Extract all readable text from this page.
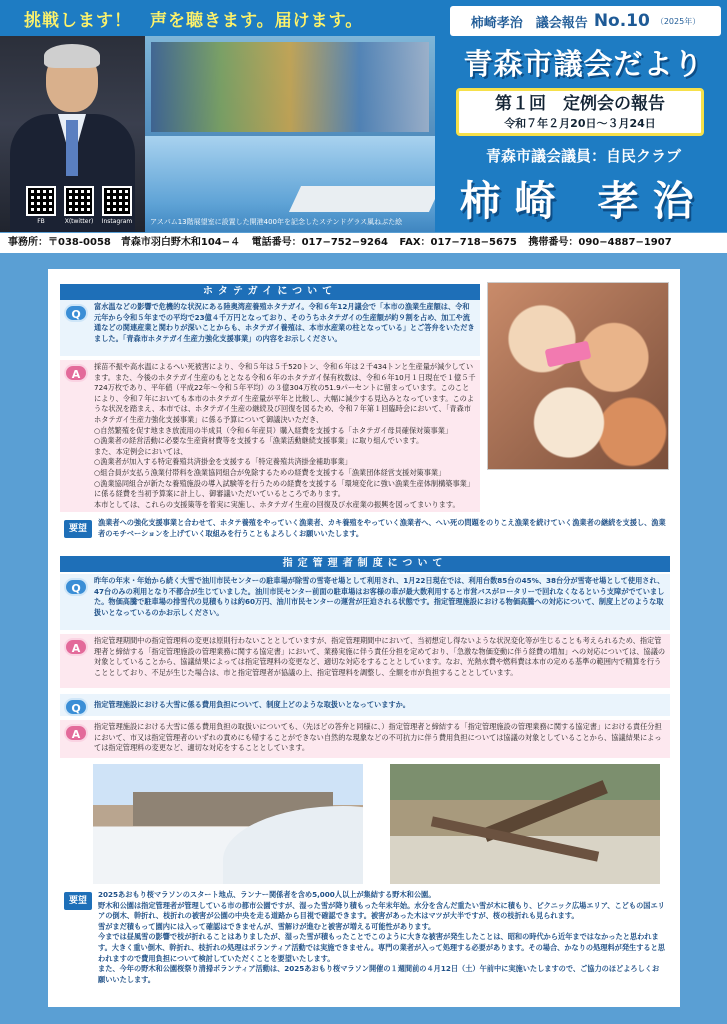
挑戦します！　声を聴きます。届けます。
FB	X(twitter)	Instagram	アスパム13階展望室に設置した開港400年を記念したステンドグラス風ねぶた絵
柿崎孝治　議会報告 No.10 （2025年）
青森市議会だより
第１回　定例会の報告
令和７年２月20日～３月24日
青森市議会議員：自民クラブ
柿崎 孝治
事務所：〒038-0058　青森市羽白野木和104−４ 電話番号：017−752−9264 FAX：017−718−5675 携帯番号：090−4887−1907
ホタテガイについて
Q
富水温などの影響で危機的な状況にある陸奥湾産養殖ホタテガイ。令和６年12月議会で「本市の漁業生産額は、令和元年から令和５年までの平均で23億４千万円となっており、そのうちホタテガイの生産額が約９割を占め、加工や流通などの関連産業と関わりが深いことからも、ホタテガイ養殖は、本市水産業の柱となっている」とご答弁をいただきました。「青森市ホタテガイ生産力強化支援事業」の内容をお示しください。
A

採苗不振や高水温によるへい死被害により、令和５年は５千520トン、令和６年は２千434トンと生産量が減少しています。また、今後のホタテガイ生産のもととなる令和６年のホタテガイ保有枚数は、令和６年10月１日現在で１億５千724万枚であり、平年値（平成22年〜令和５年平均）の３億304万枚の51.9パーセントに留まっています。このことにより、令和７年においても本市のホタテガイ生産量が平年と比較し、大幅に減少する見込みとなっています。このような状況を踏まえ、本市では、ホタテガイ生産の継続及び回復を図るため、令和７年第１回臨時会において、「青森市ホタテガイ生産力強化支援事業」に係る予算について御議決いただき、

○自然繁殖を促す地まき放流用の半成貝（令和６年産貝）購入経費を支援する「ホタテガイ母貝確保対策事業」

○漁業者の経営活動に必要な生産資材費等を支援する「漁業活動継続支援事業」に取り組んでいます。

また、本定例会においては、

○漁業者が加入する特定養殖共済掛金を支援する「特定養殖共済掛金補助事業」

○組合員が支払う漁業付帯料を漁業協同組合が免除するための経費を支援する「漁業団体経営支援対策事業」

○漁業協同組合が新たな養殖施設の導入試験等を行うための経費を支援する「環境変化に強い漁業生産体制構築事業」に係る経費を当初予算案に計上し、御審議いただいているところであります。

本市としては、これらの支援策等を着実に実施し、ホタテガイ生産の回復及び水産業の振興を図ってまいります。

要望
漁業者への強化支援事業と合わせて、ホタテ養殖をやっていく漁業者、カキ養殖をやっていく漁業者へ、へい死の問題をのりこえ漁業を続けていく漁業者の継続を支援し、漁業者のモチベーションを上げていく取組みを行うこともよろしくお願いいたします。
指定管理者制度について
Q
昨年の年末・年始から続く大雪で油川市民センターの駐車場が除雪の雪寄せ場として利用され、1月22日現在では、利用台数85台の45%、38台分が雪寄せ場として使用され、47台のみの利用となり不都合が生じていました。油川市民センター前面の駐車場はお客様の車が最大数利用すると市営バスがロータリーで回れなくなるという支障がでていました。物価高騰で駐車場の排雪代の見積もりは約60万円、油川市民センターの運営が圧迫される状態です。指定管理施設における物価高騰への対応について、制度上どのような取扱いとなっているのかお示しください。
A
指定管理期間中の指定管理料の変更は原則行わないこととしていますが、指定管理期間中において、当初想定し得ないような状況変化等が生じることも考えられるため、指定管理者と締結する「指定管理施設の管理業務に関する協定書」において、業務実施に伴う責任分担を定めており、「急激な物価変動に伴う経費の増加」への対応については、協議の対象としていることから、協議結果によっては指定管理料の変更など、適切な対応をすることとしています。なお、光熱水費や燃料費は本市の定める基準の範囲内で精算を行うこととしており、不足が生じた場合は、市と指定管理者が協議の上、指定管理料を調整し、全額を市が負担することとしています。
Q	指定管理施設における大雪に係る費用負担について、制度上どのような取扱いとなっていますか。
A
指定管理施設における大雪に係る費用負担の取扱いについても、（先ほどの答弁と同様に、）指定管理者と締結する「指定管理施設の管理業務に関する協定書」における責任分担において、市又は指定管理者のいずれの責めにも帰することができない自然的な現象などの不可抗力に伴う費用負担については協議の対象としていることから、協議結果によっては指定管理料の変更など、適切な対応をすることとしています。
要望

2025あおもり桜マラソンのスタート地点、ランナー関係者を含め5,000人以上が集結する野木和公園。

野木和公園は指定管理者が管理している市の都市公園ですが、湿った雪が降り積もった年末年始。水分を含んだ重たい雪が木に積もり、ピクニック広場エリア、こどもの国エリアの倒木、幹折れ、枝折れの被害が公園の中央を走る道路から目視で確認できます。被害があった木はマツが大半ですが、桜の枝折れも見られます。

雪がまだ積もって園内には入って確認はできませんが、雪解けが進むと被害が増える可能性があります。

今までは昼風雪の影響で枝が折れることはありましたが、湿った雪が積もったことでこのように大きな被害が発生したことは、昭和の時代から近年まではなかったと思われます。大きく重い倒木、幹折れ、枝折れの処理はボランティア活動では実施できません。専門の業者が入って処理する必要があります。その場合、かなりの処理料が発生すると思われますので費用負担について検討していただくことを要望いたします。

また、今年の野木和公園桜祭り清掃ボランティア活動は、2025あおもり桜マラソン開催の１週間前の４月12日（土）午前中に実施いたしますので、ご協力のほどよろしくお願いいたします。
